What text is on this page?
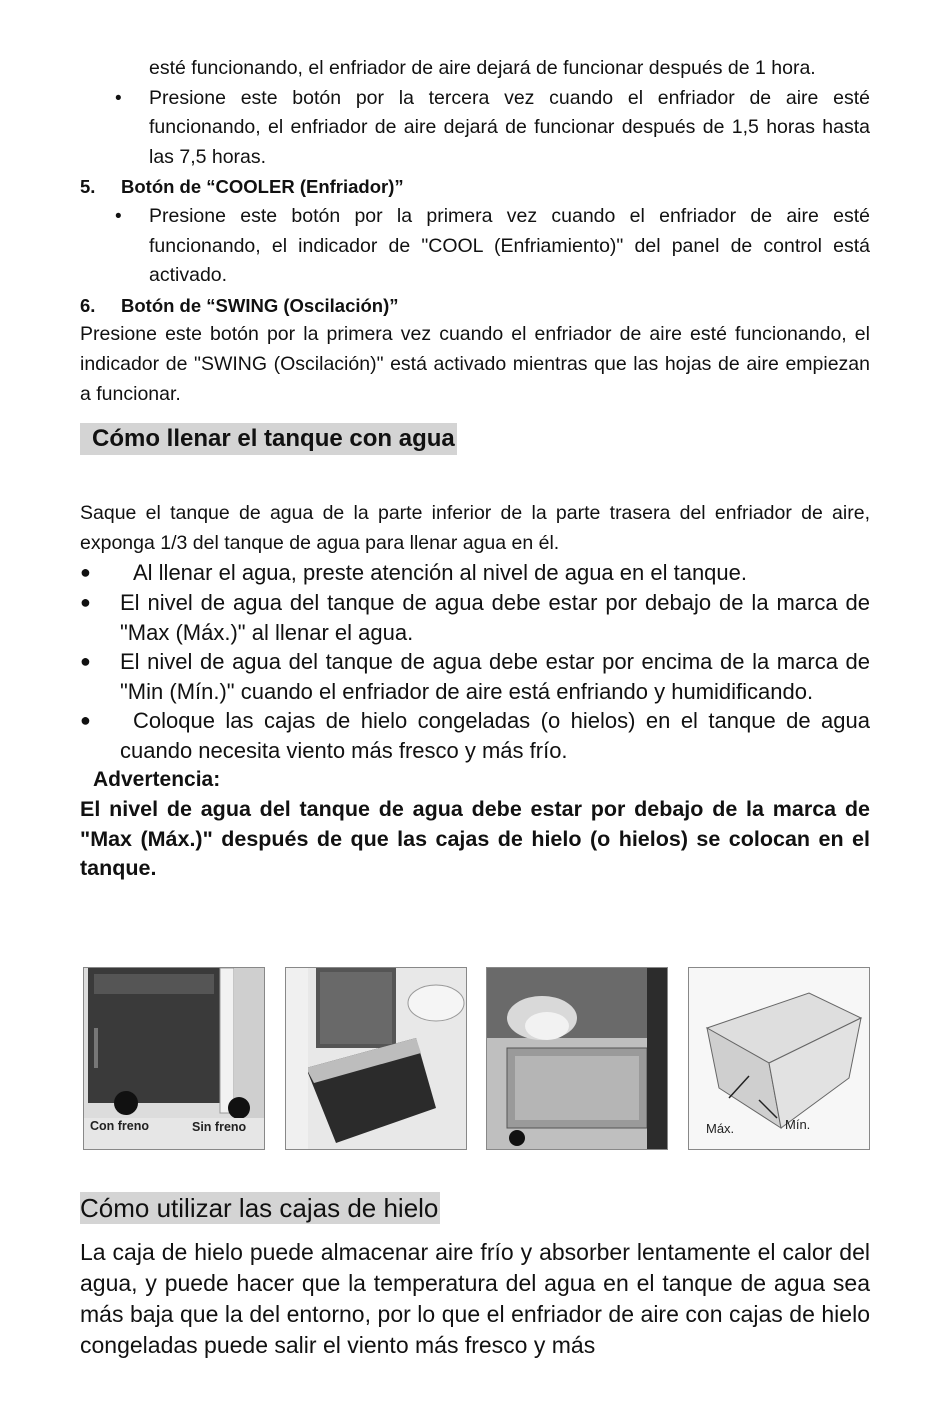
esté funcionando, el enfriador de aire dejará de funcionar después de 1 hora.

• Presione este botón por la tercera vez cuando el enfriador de aire esté funcionando, el enfriador de aire dejará de funcionar después de 1,5 horas hasta las 7,5 horas.

5. Botón de “COOLER (Enfriador)”

• Presione este botón por la primera vez cuando el enfriador de aire esté funcionando, el indicador de "COOL (Enfriamiento)" del panel de control está activado.

6. Botón de “SWING (Oscilación)”

Presione este botón por la primera vez cuando el enfriador de aire esté funcionando, el indicador de "SWING (Oscilación)" está activado mientras que las hojas de aire empiezan a funcionar.

Cómo llenar el tanque con agua

Saque el tanque de agua de la parte inferior de la parte trasera del enfriador de aire, exponga 1/3 del tanque de agua para llenar agua en él.

● Al llenar el agua, preste atención al nivel de agua en el tanque.

● El nivel de agua del tanque de agua debe estar por debajo de la marca de "Max (Máx.)" al llenar el agua.

● El nivel de agua del tanque de agua debe estar por encima de la marca de "Min (Mín.)" cuando el enfriador de aire está enfriando y humidificando.

● Coloque las cajas de hielo congeladas (o hielos) en el tanque de agua cuando necesita viento más fresco y más frío.

Advertencia:

El nivel de agua del tanque de agua debe estar por debajo de la marca de "Max (Máx.)" después de que las cajas de hielo (o hielos) se colocan en el tanque.

Con freno	Sin freno	Máx.	Mín.
Cómo utilizar las cajas de hielo

La caja de hielo puede almacenar aire frío y absorber lentamente el calor del agua, y puede hacer que la temperatura del agua en el tanque de agua sea más baja que la del entorno, por lo que el enfriador de aire con cajas de hielo congeladas puede salir el viento más fresco y más
